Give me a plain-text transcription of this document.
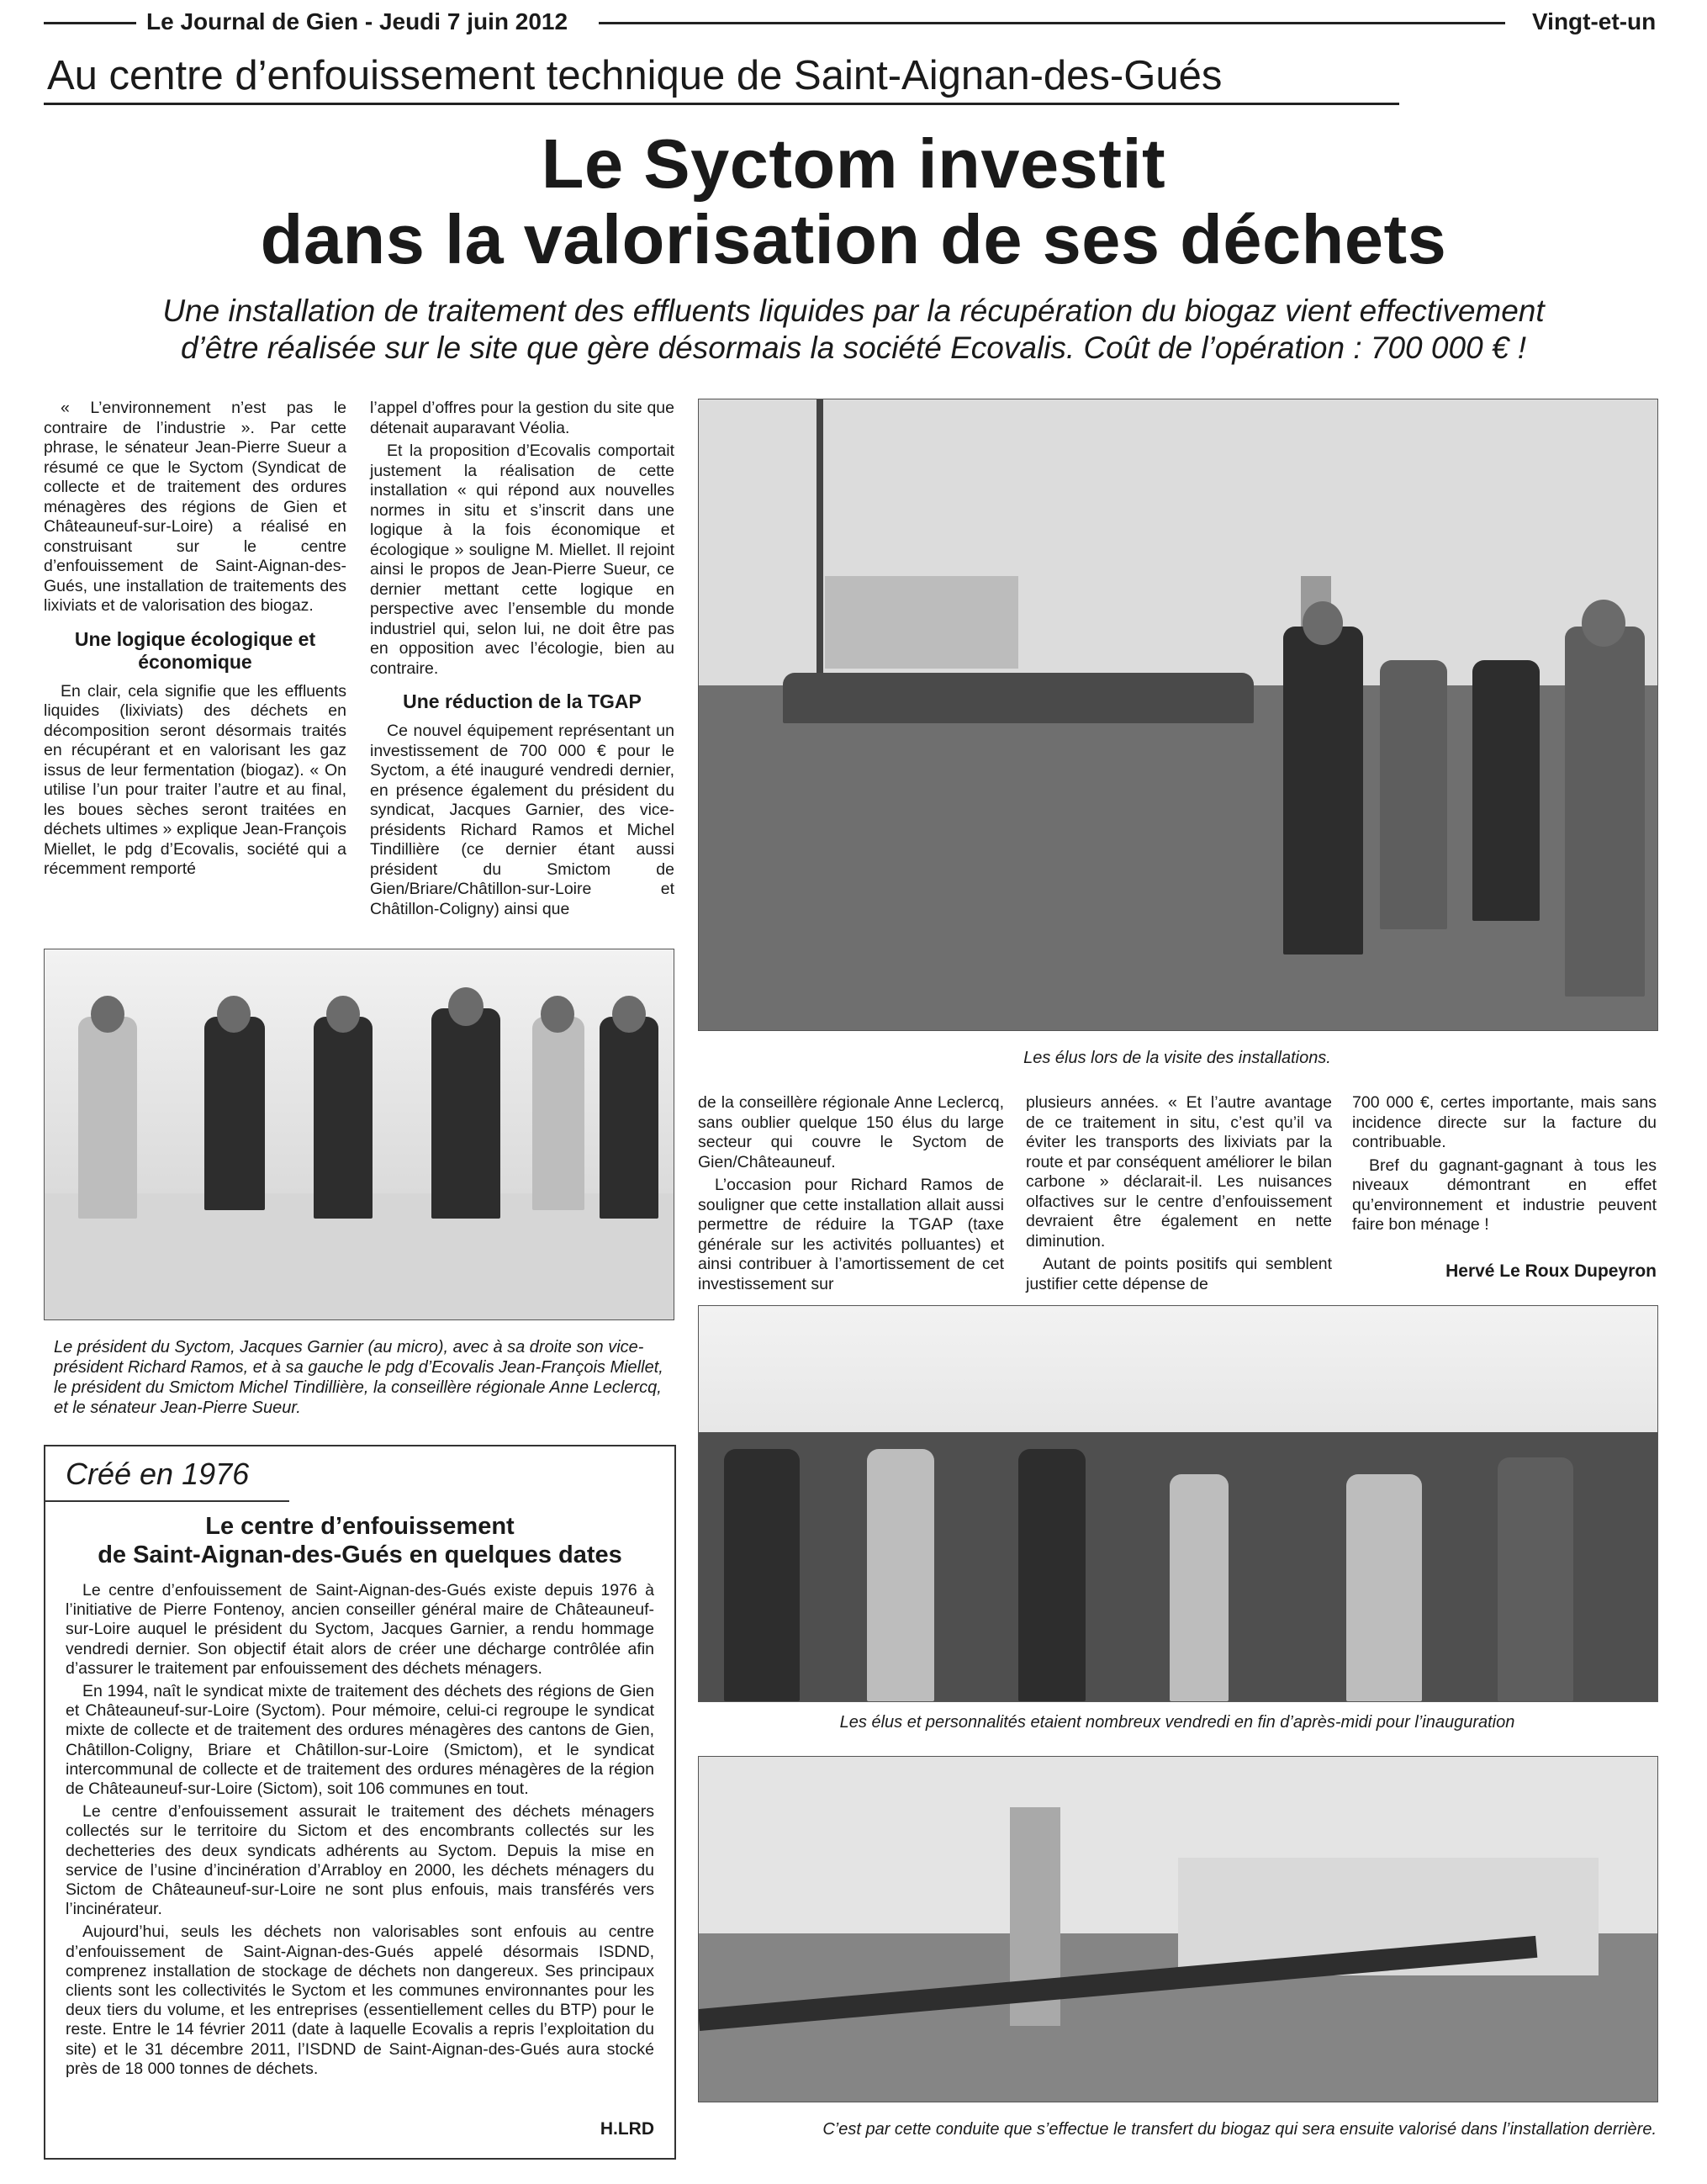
Le Journal de Gien - Jeudi 7 juin 2012	Vingt-et-un
Au centre d’enfouissement technique de Saint-Aignan-des-Gués
Le Syctom investit
dans la valorisation de ses déchets
Une installation de traitement des effluents liquides par la récupération du biogaz vient effectivement
d’être réalisée sur le site que gère désormais la société Ecovalis. Coût de l’opération : 700 000 € !

« L’environnement n’est pas le contraire de l’industrie ». Par cette phrase, le sénateur Jean-Pierre Sueur a résumé ce que le Syctom (Syndicat de collecte et de traitement des ordures ménagères des régions de Gien et Châteauneuf-sur-Loire) a réalisé en construisant sur le centre d’enfouissement de Saint-Aignan-des-Gués, une installation de traitements des lixiviats et de valorisation des biogaz.

Une logique écologique et économique

En clair, cela signifie que les effluents liquides (lixiviats) des déchets en décomposition seront désormais traités en récupérant et en valorisant les gaz issus de leur fermentation (biogaz). « On utilise l’un pour traiter l’autre et au final, les boues sèches seront traitées en déchets ultimes » explique Jean-François Miellet, le pdg d’Ecovalis, société qui a récemment remporté

l’appel d’offres pour la gestion du site que détenait auparavant Véolia.

Et la proposition d’Ecovalis comportait justement la réalisation de cette installation « qui répond aux nouvelles normes in situ et s’inscrit dans une logique à la fois économique et écologique » souligne M. Miellet. Il rejoint ainsi le propos de Jean-Pierre Sueur, ce dernier mettant cette logique en perspective avec l’ensemble du monde industriel qui, selon lui, ne doit être pas en opposition avec l’écologie, bien au contraire.

Une réduction de la TGAP

Ce nouvel équipement représentant un investissement de 700 000 € pour le Syctom, a été inauguré vendredi dernier, en présence également du président du syndicat, Jacques Garnier, des vice-présidents Richard Ramos et Michel Tindillière (ce dernier étant aussi président du Smictom de Gien/Briare/Châtillon-sur-Loire et Châtillon-Coligny) ainsi que

Les élus lors de la visite des installations.

de la conseillère régionale Anne Leclercq, sans oublier quelque 150 élus du large secteur qui couvre le Syctom de Gien/Châteauneuf.

L’occasion pour Richard Ramos de souligner que cette installation allait aussi permettre de réduire la TGAP (taxe générale sur les activités polluantes) et ainsi contribuer à l’amortissement de cet investissement sur

plusieurs années. « Et l’autre avantage de ce traitement in situ, c’est qu’il va éviter les transports des lixiviats par la route et par conséquent améliorer le bilan carbone » déclarait-il. Les nuisances olfactives sur le centre d’enfouissement devraient être également en nette diminution.

Autant de points positifs qui semblent justifier cette dépense de

700 000 €, certes importante, mais sans incidence directe sur la facture du contribuable.

Bref du gagnant-gagnant à tous les niveaux démontrant en effet qu’environnement et industrie peuvent faire bon ménage !

Hervé Le Roux Dupeyron
Le président du Syctom, Jacques Garnier (au micro), avec à sa droite son vice-président Richard Ramos, et à sa gauche le pdg d’Ecovalis Jean-François Miellet, le président du Smictom Michel Tindillière, la conseillère régionale Anne Leclercq, et le sénateur Jean-Pierre Sueur.
Les élus et personnalités etaient nombreux vendredi en fin d’après-midi pour l’inauguration
Créé en 1976
Le centre d’enfouissement
de Saint-Aignan-des-Gués en quelques dates

Le centre d’enfouissement de Saint-Aignan-des-Gués existe depuis 1976 à l’initiative de Pierre Fontenoy, ancien conseiller général maire de Châteauneuf-sur-Loire auquel le président du Syctom, Jacques Garnier, a rendu hommage vendredi dernier. Son objectif était alors de créer une décharge contrôlée afin d’assurer le traitement par enfouissement des déchets ménagers.

En 1994, naît le syndicat mixte de traitement des déchets des régions de Gien et Châteauneuf-sur-Loire (Syctom). Pour mémoire, celui-ci regroupe le syndicat mixte de collecte et de traitement des ordures ménagères des cantons de Gien, Châtillon-Coligny, Briare et Châtillon-sur-Loire (Smictom), et le syndicat intercommunal de collecte et de traitement des ordures ménagères de la région de Châteauneuf-sur-Loire (Sictom), soit 106 communes en tout.

Le centre d’enfouissement assurait le traitement des déchets ménagers collectés sur le territoire du Sictom et des encombrants collectés sur les dechetteries des deux syndicats adhérents au Syctom. Depuis la mise en service de l’usine d’incinération d’Arrabloy en 2000, les déchets ménagers du Sictom de Châteauneuf-sur-Loire ne sont plus enfouis, mais transférés vers l’incinérateur.

Aujourd’hui, seuls les déchets non valorisables sont enfouis au centre d’enfouissement de Saint-Aignan-des-Gués appelé désormais ISDND, comprenez installation de stockage de déchets non dangereux. Ses principaux clients sont les collectivités le Syctom et les communes environnantes pour les deux tiers du volume, et les entreprises (essentiellement celles du BTP) pour le reste. Entre le 14 février 2011 (date à laquelle Ecovalis a repris l’exploitation du site) et le 31 décembre 2011, l’ISDND de Saint-Aignan-des-Gués aura stocké près de 18 000 tonnes de déchets.

H.LRD	C’est par cette conduite que s’effectue le transfert du biogaz qui sera ensuite valorisé dans l’installation derrière.
